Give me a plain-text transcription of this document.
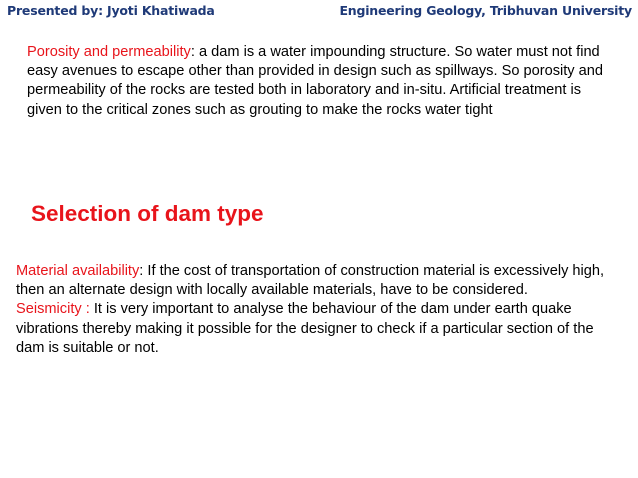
Presented by: Jyoti Khatiwada	Engineering Geology, Tribhuvan University
Porosity and permeability: a dam is a water impounding structure. So water must not find easy avenues to escape other than provided in design such as spillways. So porosity and permeability of the rocks are tested both in laboratory and in-situ. Artificial treatment is given to the critical zones such as grouting to make the rocks water tight
Selection of dam type
Material availability: If the cost of transportation of construction material is excessively high, then an alternate design with locally available materials, have to be considered.
Seismicity : It is very important to analyse the behaviour of the dam under earth quake vibrations thereby making it possible for the designer to check if a particular section of the dam is suitable or not.
